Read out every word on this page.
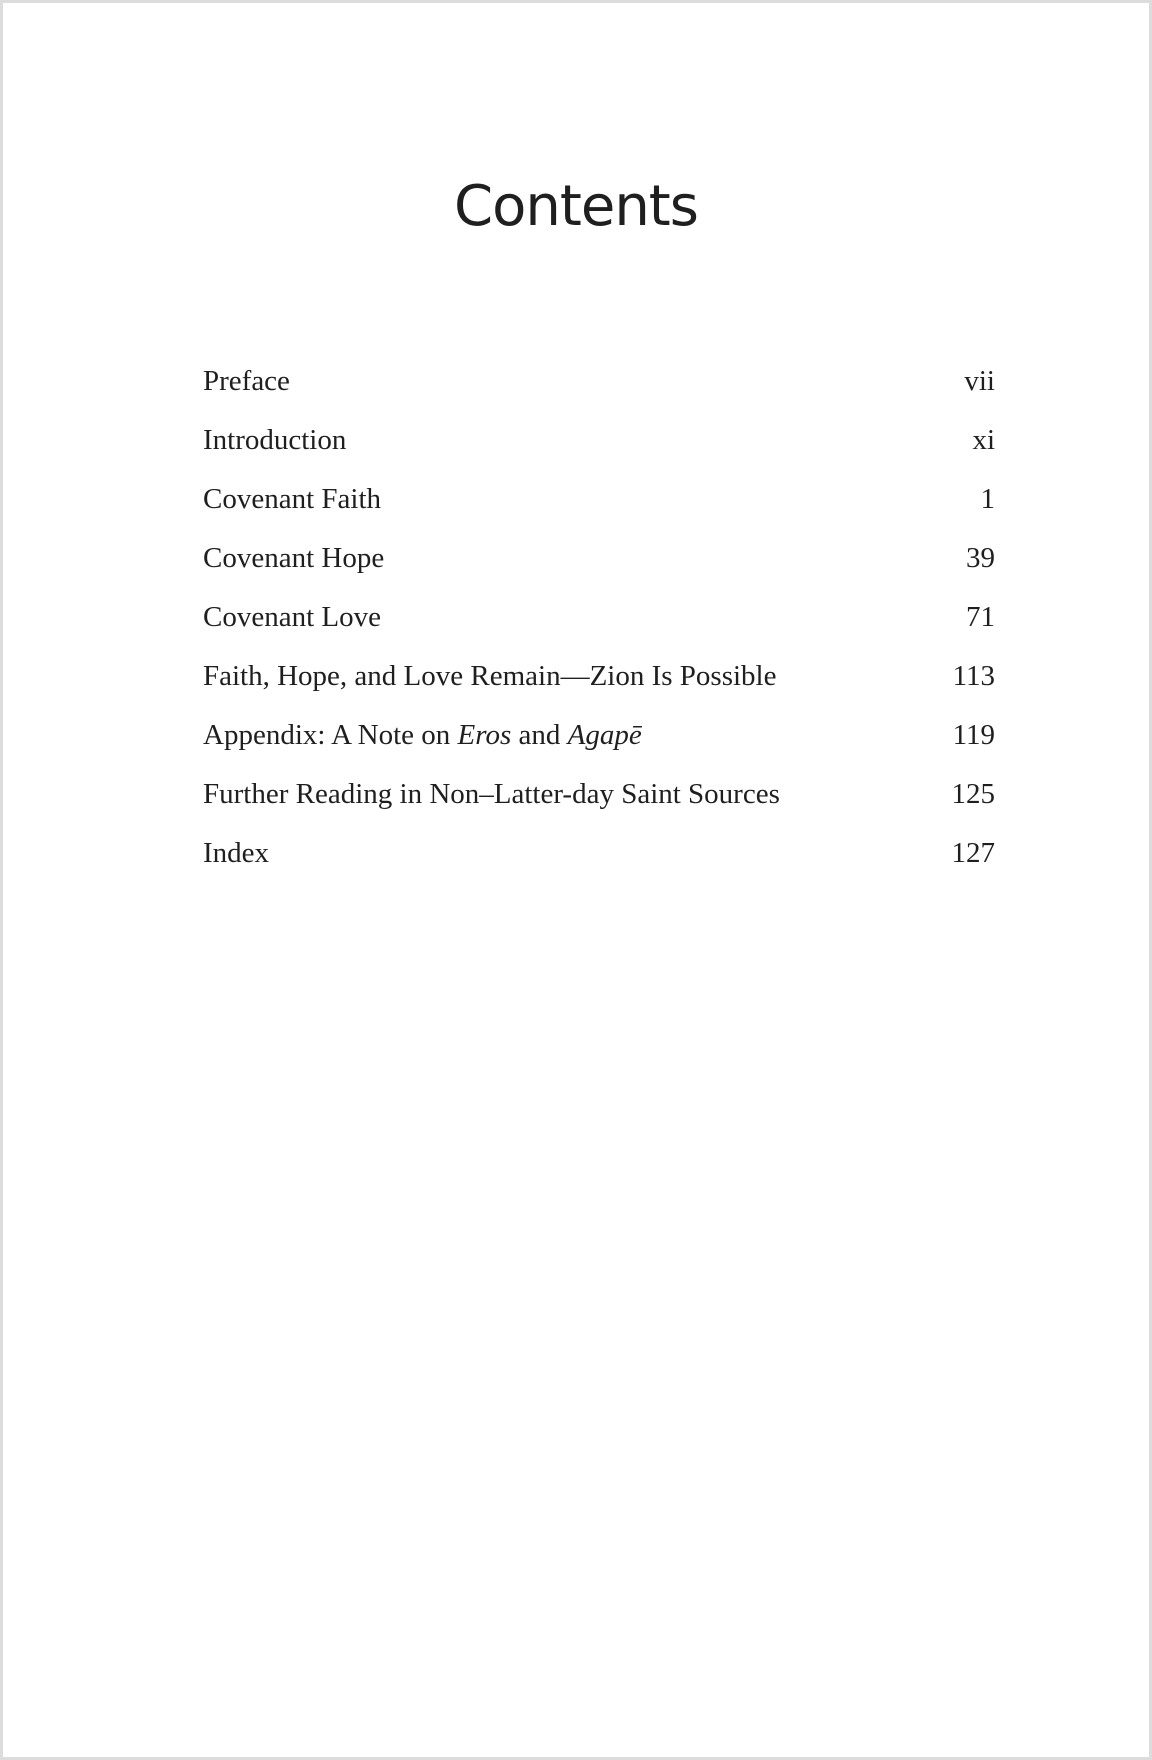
Contents
Preface	vii
Introduction	xi
Covenant Faith	1
Covenant Hope	39
Covenant Love	71
Faith, Hope, and Love Remain—Zion Is Possible	113
Appendix: A Note on Eros and Agapē	119
Further Reading in Non–Latter-day Saint Sources	125
Index	127
